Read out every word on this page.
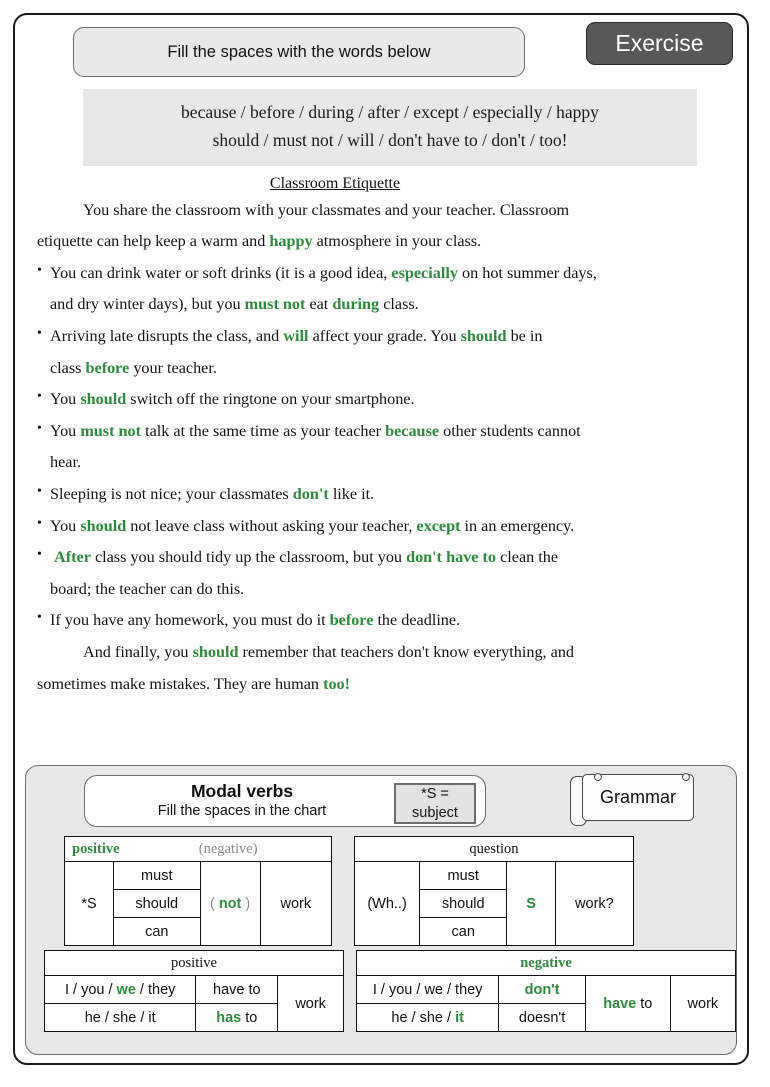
Fill the spaces with the words below	Exercise
because / before / during / after / except / especially / happy
should / must not / will / don't have to / don't / too!
Classroom Etiquette
You share the classroom with your classmates and your teacher. Classroom
etiquette can help keep a warm and happy atmosphere in your class.
• You can drink water or soft drinks (it is a good idea, especially on hot summer days,
and dry winter days), but you must not eat during class.
• Arriving late disrupts the class, and will affect your grade. You should be in
class before your teacher.
• You should switch off the ringtone on your smartphone.
• You must not talk at the same time as your teacher because other students cannot
hear.
• Sleeping is not nice; your classmates don't like it.
• You should not leave class without asking your teacher, except in an emergency.
• After class you should tidy up the classroom, but you don't have to clean the
board; the teacher can do this.
• If you have any homework, you must do it before the deadline.
And finally, you should remember that teachers don't know everything, and
sometimes make mistakes. They are human too!
Modal verbs
Fill the spaces in the chart
*S =
subject
Grammar
positive	(negative)
*S	must	( not )	work
should
can
question
(Wh..)	must	S	work?
should
can
positive		
I / you / we / they	have to	work
he / she / it	has to	
negative			
I / you / we / they	don't	have to	work
he / she / it	doesn't		
